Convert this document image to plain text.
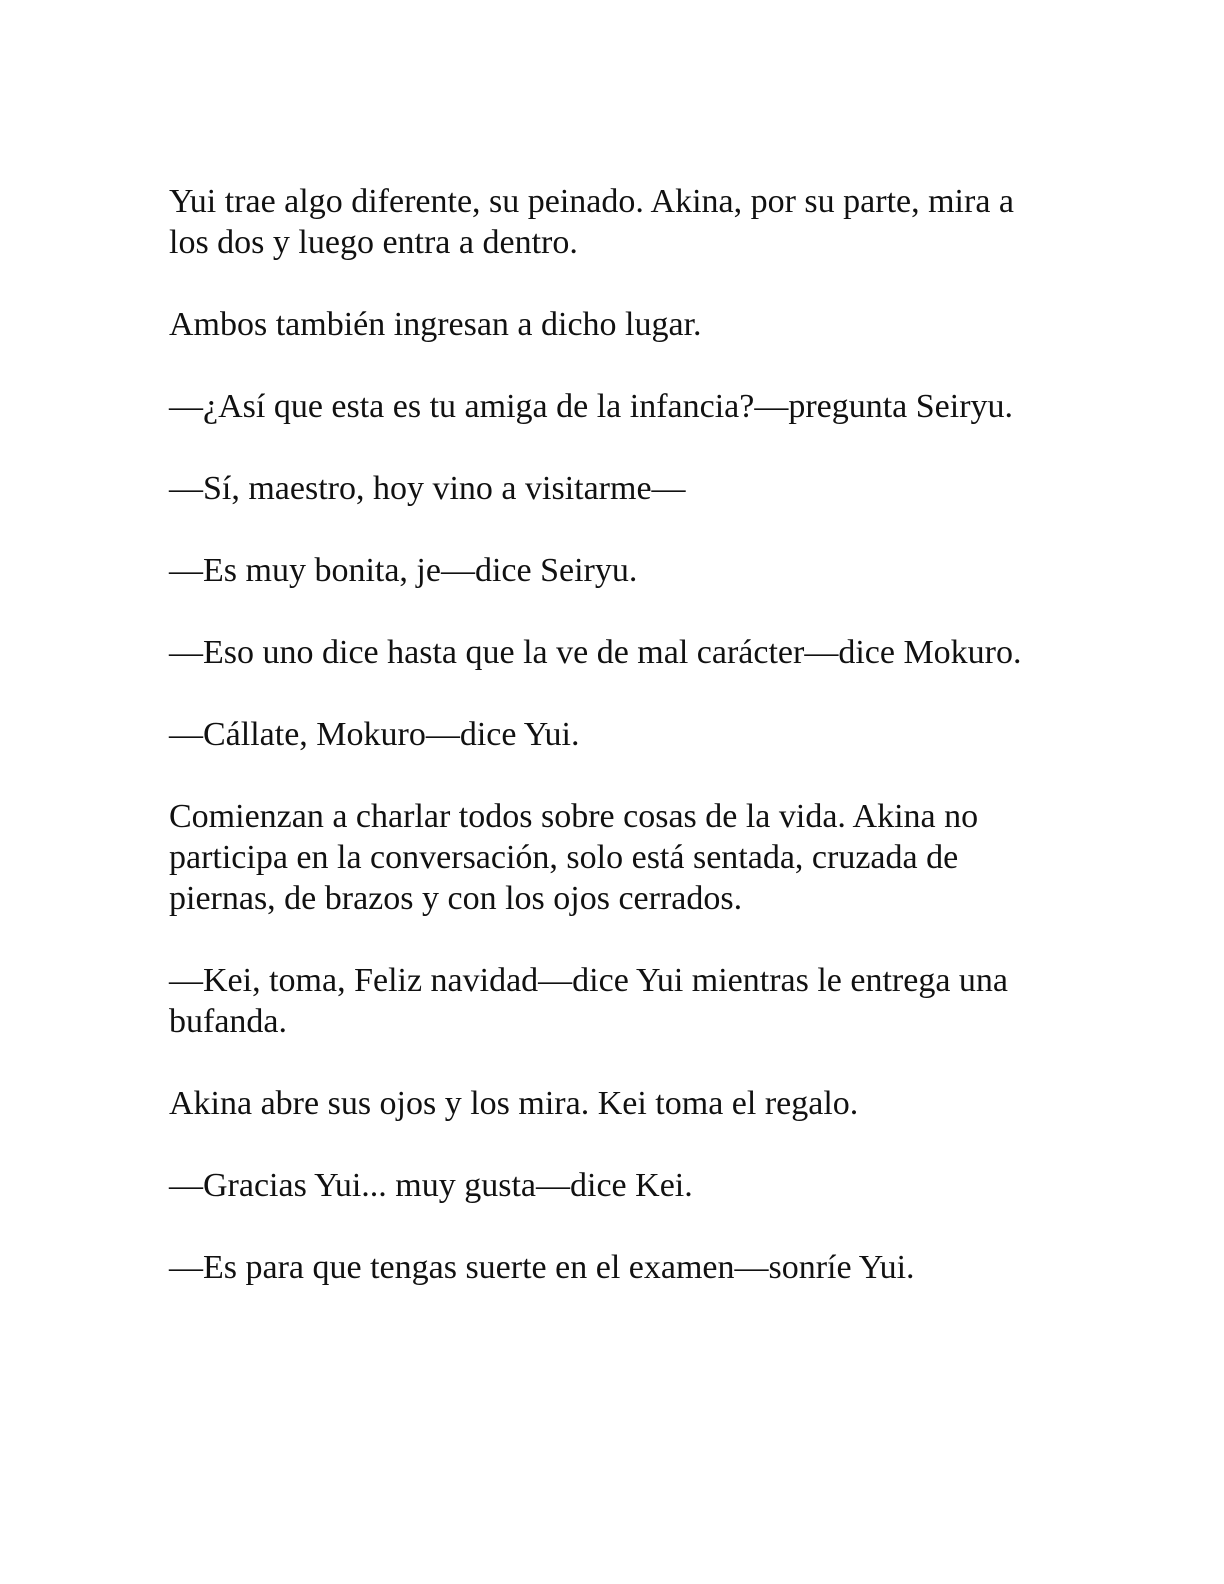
Yui trae algo diferente, su peinado. Akina, por su parte, mira a los dos y luego entra a dentro.

Ambos también ingresan a dicho lugar.

—¿Así que esta es tu amiga de la infancia?—pregunta Seiryu.

—Sí, maestro, hoy vino a visitarme—

—Es muy bonita, je—dice Seiryu.

—Eso uno dice hasta que la ve de mal carácter—dice Mokuro.

—Cállate, Mokuro—dice Yui.

Comienzan a charlar todos sobre cosas de la vida. Akina no participa en la conversación, solo está sentada, cruzada de piernas, de brazos y con los ojos cerrados.

—Kei, toma, Feliz navidad—dice Yui mientras le entrega una bufanda.

Akina abre sus ojos y los mira. Kei toma el regalo.

—Gracias Yui... muy gusta—dice Kei.

—Es para que tengas suerte en el examen—sonríe Yui.
